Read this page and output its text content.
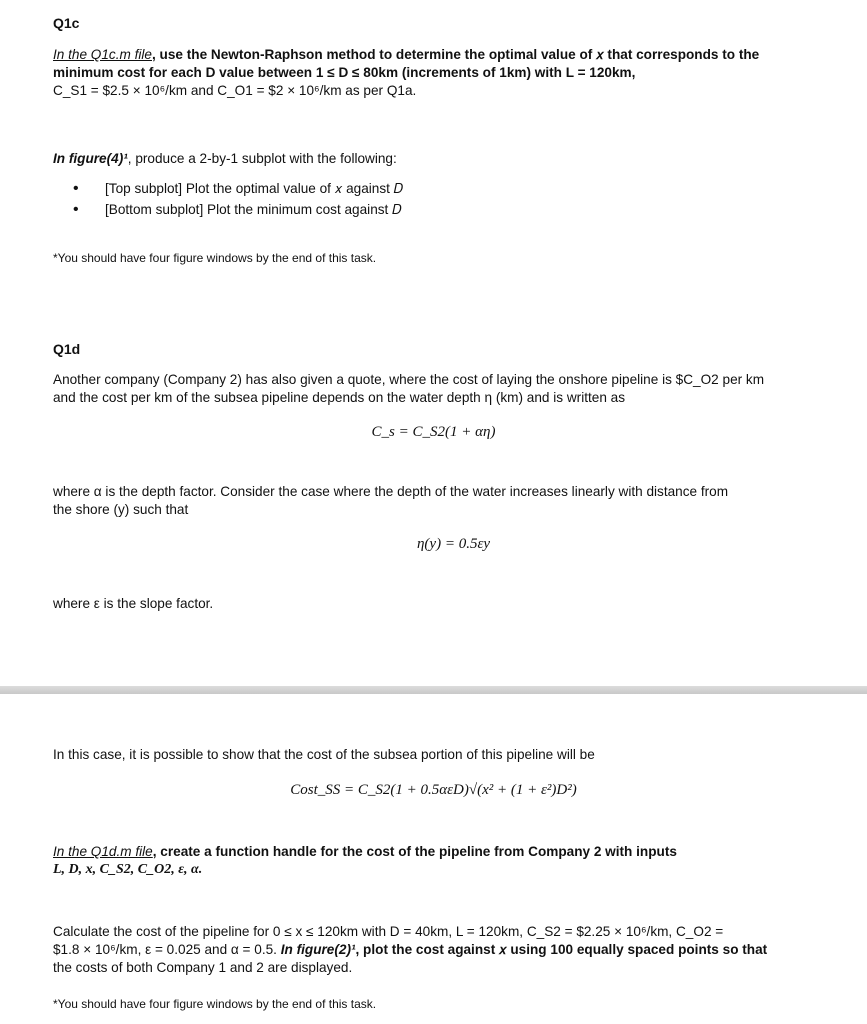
Q1c
In the Q1c.m file, use the Newton-Raphson method to determine the optimal value of 𝑥 that corresponds to the
minimum cost for each D value between 1 ≤ D ≤ 80km (increments of 1km) with L = 120km,
C_S1 = $2.5 × 10⁶/km and C_O1 = $2 × 10⁶/km as per Q1a.
In figure(4)¹, produce a 2-by-1 subplot with the following:
• [Top subplot] Plot the optimal value of 𝑥 against 𝐷
• [Bottom subplot] Plot the minimum cost against 𝐷
*You should have four figure windows by the end of this task.
Q1d
Another company (Company 2) has also given a quote, where the cost of laying the onshore pipeline is $C_O2 per km
and the cost per km of the subsea pipeline depends on the water depth η (km) and is written as
C_s = C_S2(1 + αη)
where α is the depth factor. Consider the case where the depth of the water increases linearly with distance from
the shore (y) such that
η(y) = 0.5εy
where ε is the slope factor.
In this case, it is possible to show that the cost of the subsea portion of this pipeline will be
Cost_SS = C_S2(1 + 0.5αεD)√(x² + (1 + ε²)D²)
In the Q1d.m file, create a function handle for the cost of the pipeline from Company 2 with inputs
L, D, x, C_S2, C_O2, ε, α.
Calculate the cost of the pipeline for 0 ≤ x ≤ 120km with D = 40km, L = 120km, C_S2 = $2.25 × 10⁶/km, C_O2 =
$1.8 × 10⁶/km, ε = 0.025 and α = 0.5. In figure(2)¹, plot the cost against 𝑥 using 100 equally spaced points so that
the costs of both Company 1 and 2 are displayed.
*You should have four figure windows by the end of this task.
